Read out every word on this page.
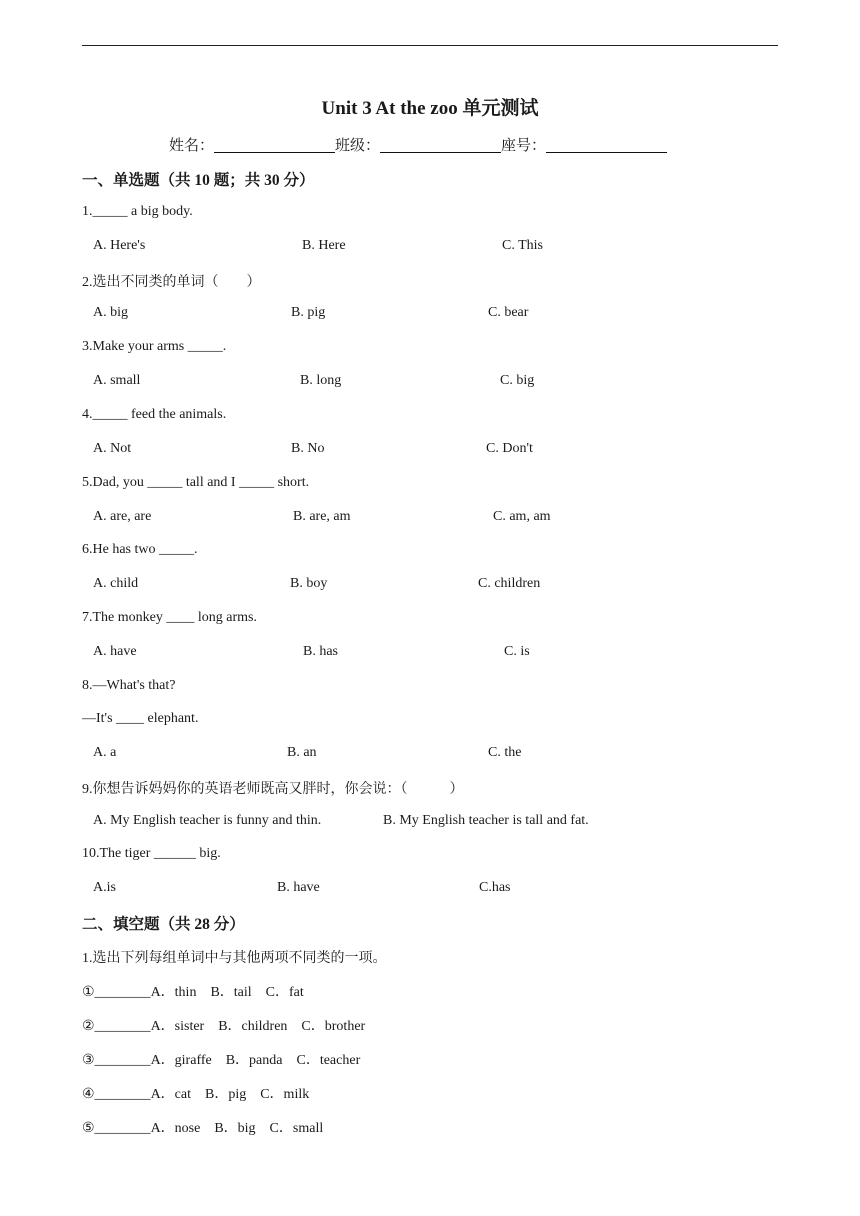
Unit 3 At the zoo 单元测试
姓名：	班级：	座号：
一、单选题（共 10 题；共 30 分）
1._____ a big body.
A. Here's	B. Here	C. This
2.选出不同类的单词（　　）
A. big	B. pig	C. bear
3.Make your arms _____.
A. small	B. long	C. big
4._____ feed the animals.
A. Not	B. No	C. Don't
5.Dad, you _____ tall and I _____ short.
A. are, are	B. are, am	C. am, am
6.He has two _____.
A. child	B. boy	C. children
7.The monkey ____ long arms.
A. have	B. has	C. is
8.—What's that?
—It's ____ elephant.
A. a	B. an	C. the
9.你想告诉妈妈你的英语老师既高又胖时，你会说：（　　　）
A. My English teacher is funny and thin.	B. My English teacher is tall and fat.
10.The tiger ______ big.
A.is	B. have	C.has
二、填空题（共 28 分）
1.选出下列每组单词中与其他两项不同类的一项。
①________A．thin　B．tail　C．fat
②________A．sister　B．children　C．brother
③________A．giraffe　B．panda　C．teacher
④________A．cat　B．pig　C．milk
⑤________A．nose　B．big　C．small
